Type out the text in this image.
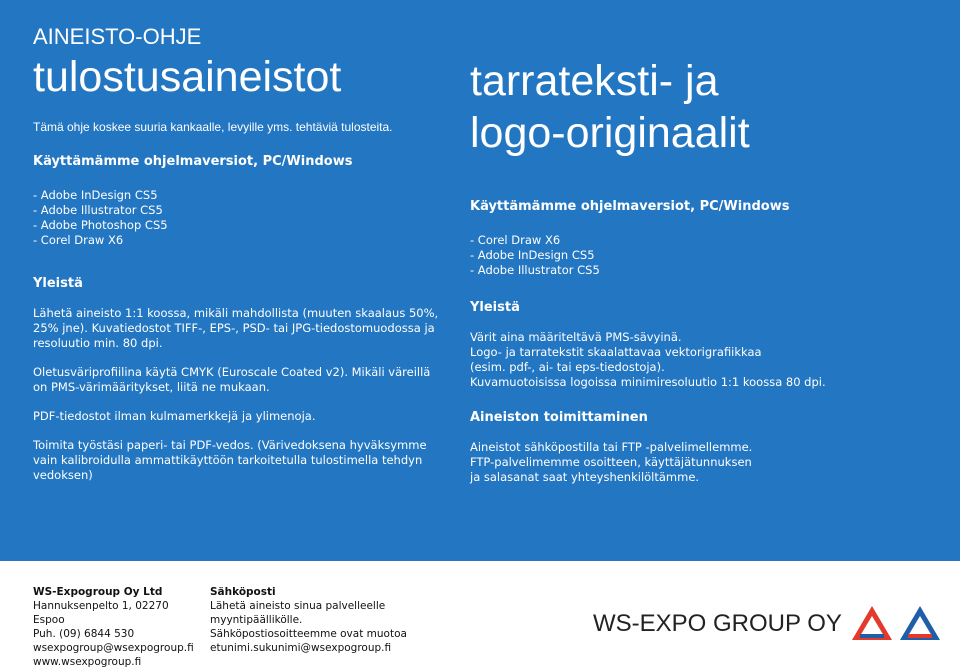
AINEISTO-OHJE

tulostusaineistot

Tämä ohje koskee suuria kankaalle, levyille yms. tehtäviä tulosteita.

Käyttämämme ohjelmaversiot, PC/Windows

- Adobe InDesign CS5
- Adobe Illustrator CS5
- Adobe Photoshop CS5
- Corel Draw X6

Yleistä

Lähetä aineisto 1:1 koossa, mikäli mahdollista (muuten skaalaus 50%, 25% jne). Kuvatiedostot TIFF-, EPS-, PSD- tai JPG-tiedostomuodossa ja resoluutio min. 80 dpi.

Oletusväriprofiilina käytä CMYK (Euroscale Coated v2). Mikäli väreillä on PMS-värimääritykset, liitä ne mukaan.

PDF-tiedostot ilman kulmamerkkejä ja ylimenoja.

Toimita työstäsi paperi- tai PDF-vedos. (Värivedoksena hyväksymme vain kalibroidulla ammattikäyttöön tarkoitetulla tulostimella tehdyn vedoksen)

tarrateksti- ja
logo-originaalit

Käyttämämme ohjelmaversiot, PC/Windows

- Corel Draw X6
- Adobe InDesign CS5
- Adobe Illustrator CS5

Yleistä

Värit aina määriteltävä PMS-sävyinä.
Logo- ja tarratekstit skaalattavaa vektorigrafiikkaa
(esim. pdf-, ai- tai eps-tiedostoja).
Kuvamuotoisissa logoissa minimiresoluutio 1:1 koossa 80 dpi.

Aineiston toimittaminen

Aineistot sähköpostilla tai FTP -palvelimellemme.
FTP-palvelimemme osoitteen, käyttäjätunnuksen
ja salasanat saat yhteyshenkilöltämme.
WS-Expogroup Oy Ltd
Hannuksenpelto 1, 02270 Espoo
Puh. (09) 6844 530
wsexpogroup@wsexpogroup.fi
www.wsexpogroup.fi
Sähköposti
Lähetä aineisto sinua palvelleelle myyntipäällikölle.
Sähköpostiosoitteemme ovat muotoa
etunimi.sukunimi@wsexpogroup.fi
WS-EXPO GROUP OY
